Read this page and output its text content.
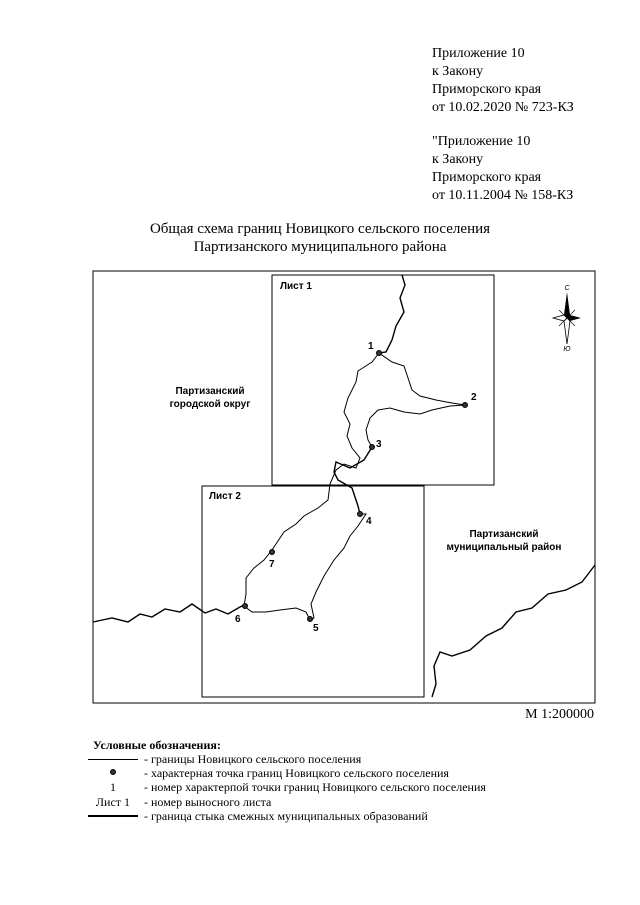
Приложение 10
к Закону
Приморского края
от 10.02.2020 № 723-КЗ
"Приложение 10
к Закону
Приморского края
от 10.11.2004 № 158-КЗ
Общая схема границ Новицкого сельского поселения
Партизанского муниципального района
1
2
3
4
5
6
7
Лист 1
Лист 2
Партизанский
городской округ
Партизанский
муниципальный район
С
Ю
М 1:200000
Условные обозначения:
- границы Новицкого сельского поселения
- характерная точка границ Новицкого сельского поселения
1	- номер характерпой точки границ Новицкого сельского поселения
Лист 1	- номер выносного листа
- граница стыка смежных муниципальных образований
